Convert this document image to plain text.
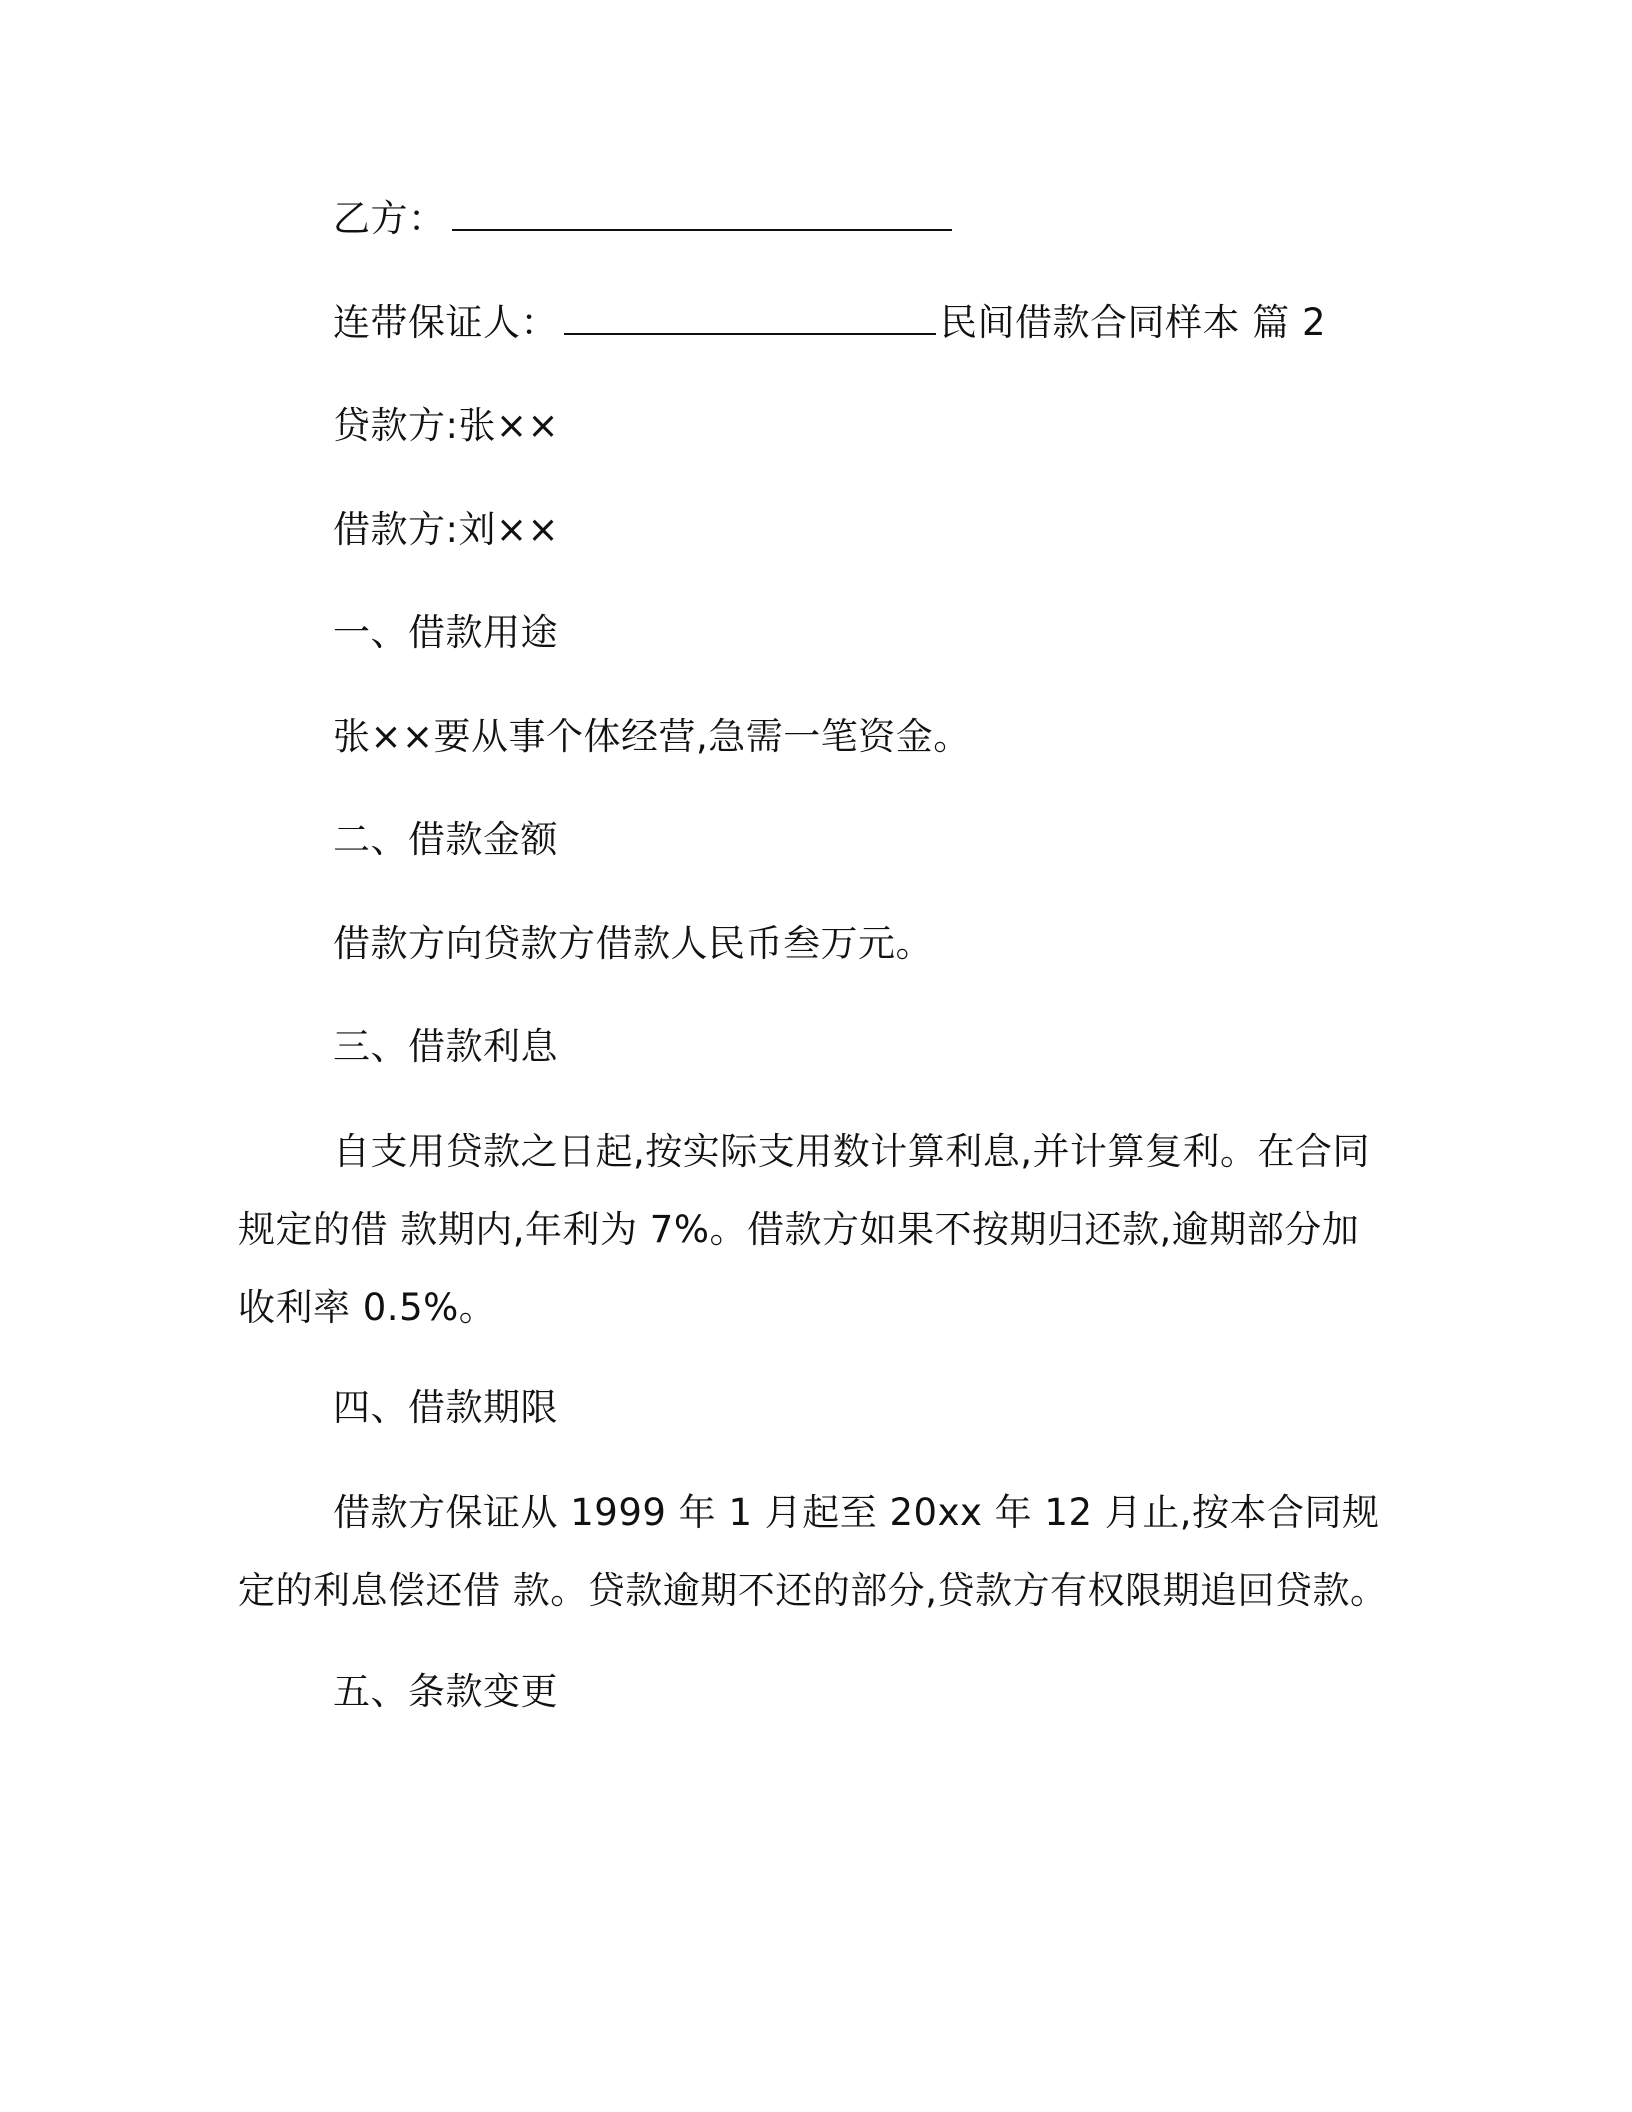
乙方：
连带保证人：	民间借款合同样本 篇 2
贷款方:张××
借款方:刘××
一、借款用途
张××要从事个体经营,急需一笔资金。
二、借款金额
借款方向贷款方借款人民币叁万元。
三、借款利息
自支用贷款之日起,按实际支用数计算利息,并计算复利。在合同规定的借 款期内,年利为 7%。借款方如果不按期归还款,逾期部分加收利率 0.5%。
四、借款期限
借款方保证从 1999 年 1 月起至 20xx 年 12 月止,按本合同规定的利息偿还借 款。贷款逾期不还的部分,贷款方有权限期追回贷款。
五、条款变更
